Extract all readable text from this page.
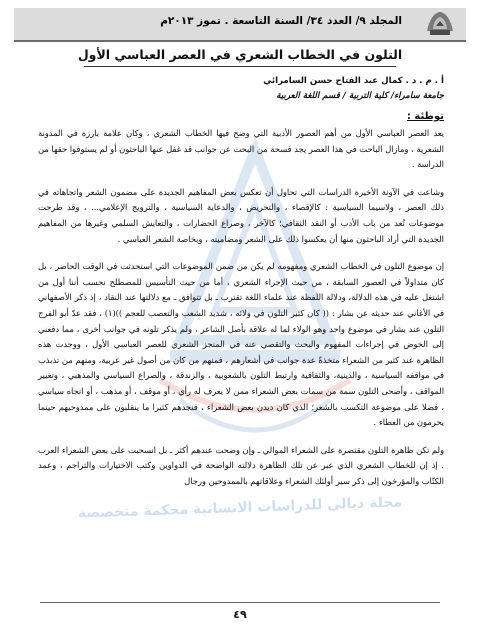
المجلد ٩/ العدد ٣٤/ السنة التاسعة . تموز ٢٠١٣م
مجلة ديالى للدراسات الانسانية محكمة متخصصة
التلون في الخطاب الشعري في العصر العباسي الأول
أ . م . د . كمال عبد الفتاح حسن السامرائي
جامعة سامراء/ كلية التربية / قسم اللغة العربية
توطئة :

يعد العصر العباسي الأول من أهم العصور الأدبية التي وضح فيها الخطاب الشعري ، وكان علامة بارزة في المدونة الشعرية ، ومازال الباحث في هذا العصر يجد فسحة من البحث عن جوانب قد غفل عنها الباحثون أو لم يستوفوا حقها من الدراسة .

وشاعت في الآونة الأخيرة الدراسات التي تحاول أن تعكس بعض المفاهيم الجديدة على مضمون الشعر واتجاهاته في ذلك العصر ، ولاسيما السياسية : كالإقصاء ، والتحريض ، والدعاية السياسية ، والترويج الإعلامي... ، وقد طرحت موضوعات تُعد من باب الأدب أو النقد الثقافي؛ كالآخر ، وصراع الحضارات ، والتعايش السلمي وغيرها من المفاهيم الجديدة التي أراد الباحثون منها أن يعكسوا ذلك على الشعر ومضامينه ، وبخاصة الشعر العباسي .

إن موضوع التلون في الخطاب الشعري ومفهومه لم يكن من ضمن الموضوعات التي استحدثت في الوقت الحاضر ، بل كان متداولاً في العصور السابقة ، من حيث الإجراء الشعري ، أما من حيث التأسيس للمصطلح نحسب أننا أول من اشتغل عليه في هذه الدلالة، ودلالة اللفظة عند علماء اللغة تقترب ـ بل تتوافق ـ مع دلالتها عند النقاد ، إذ ذكر الأصفهاني في الأغاني عند حديثه عن بشار : (( كان كثير التلون في ولائه ، شديد الشعب والتعصب للعجم ))(١) ، فقد عدّ أبو الفرج التلون عند بشار في موضوع واحد وهو الولاء لما له علاقة بأصل الشاعر ، ولم يذكر تلونه في جوانب أخرى ، مما دفعني إلى الخوض في إجراءات المفهوم والبحث والتقصي عنه في المنجز الشعري للعصر العباسي الأول ، ووجدت هذه الظاهرة عند كثير من الشعراء متخذةً عدة جوانب في أشعارهم ، فمنهم من كان من أصول غير عربية، ومنهم من تذبذب في مواقفه السياسية ، والدينية، والثقافية وارتبط التلون بالشعوبية ، والزندقة ، والصراع السياسي والمذهبي ، وتغيير المواقف ، وأضحى التلون سمة من سمات بعض الشعراء ممن لا يعرف له رأي ، أو موقف ، أو مذهب ، أو اتجاه سياسي ، فضلا على موضوعة التكسب بالشعر؛ الذي كان ديدن بعض الشعراء ، فنجدهم كثيرا ما ينقلبون على ممدوحيهم حينما يحرمون من العطاء .

ولم تكن ظاهرة التلون مقتصرة على الشعراء الموالي ـ وإن وضحت عندهم أكثر ـ بل انسحبت على بعض الشعراء العرب . إذ إن للخطاب الشعري الذي عبر عن تلك الظاهرة دلالته الواضحة في الدواوين وكتب الاختيارات والتراجم ، وعمد الكتّاب والمؤرخون إلى ذكر سير أولئك الشعراء وعلاقاتهم بالممدوحين ورجال

٤٩
